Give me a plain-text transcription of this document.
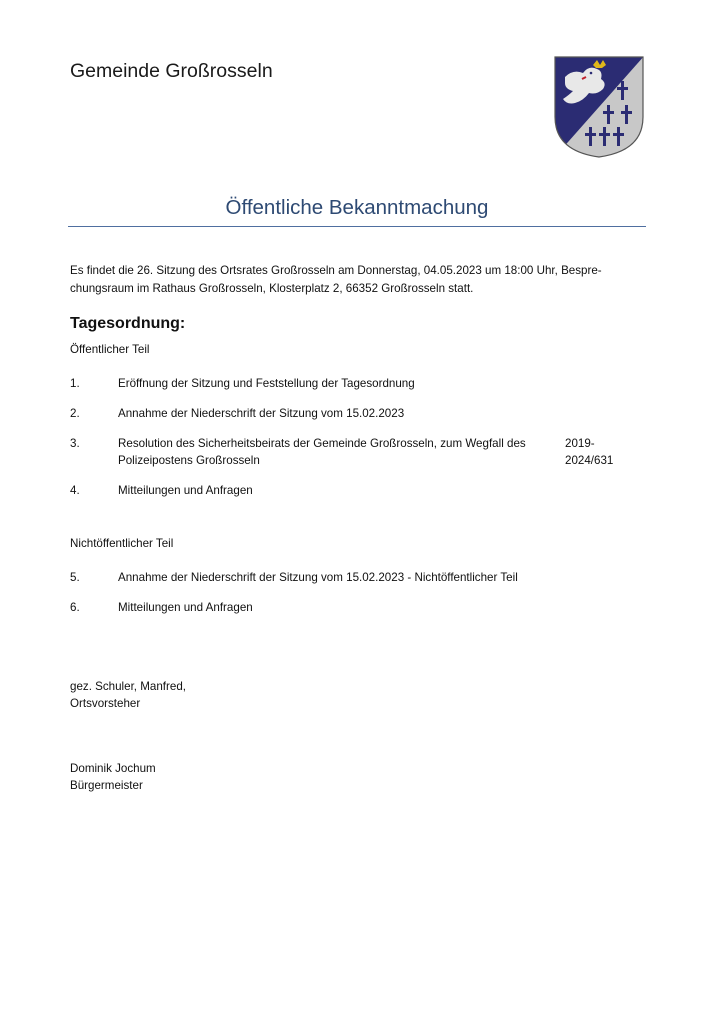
Gemeinde Großrosseln
Öffentliche Bekanntmachung
Es findet die 26. Sitzung des Ortsrates Großrosseln am Donnerstag, 04.05.2023 um 18:00 Uhr, Bespre-
chungsraum im Rathaus Großrosseln, Klosterplatz 2, 66352 Großrosseln statt.
Tagesordnung:
Öffentlicher Teil
1.	Eröffnung der Sitzung und Feststellung der Tagesordnung
2.	Annahme der Niederschrift der Sitzung vom 15.02.2023
3.	Resolution des Sicherheitsbeirats der Gemeinde Großrosseln, zum Wegfall des Polizeipostens Großrosseln
2019-2024/631
4.	Mitteilungen und Anfragen
Nichtöffentlicher Teil
5.	Annahme der Niederschrift der Sitzung vom 15.02.2023 - Nichtöffentlicher Teil
6.	Mitteilungen und Anfragen
gez. Schuler, Manfred,
Ortsvorsteher
Dominik Jochum
Bürgermeister
